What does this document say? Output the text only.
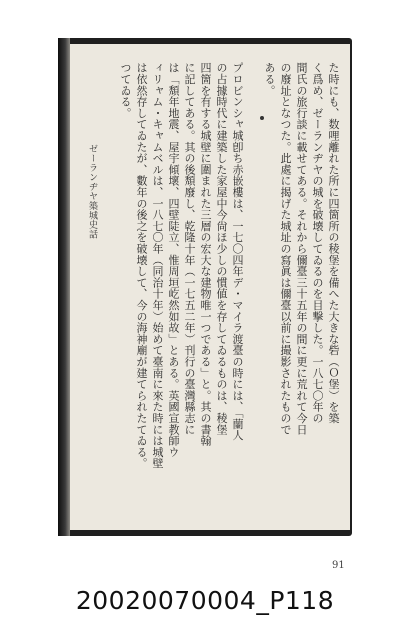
ゼーランヂヤ築城史話	た時にも、数哩離れた所に四箇所の稜堡を備へた大きな砦（Ｏ堡）を築
く爲め、ゼーランヂヤの城を破壊してゐるのを目撃した。一八七〇年の
間氏の旅行談に載せてある。それから儞臺三十五年の間に更に荒れて今日
の廢址となつた。此處に揭げた城址の寫眞は儞臺以前に撮影されたもので
ある。
プロビンシャ城卽ち赤嵌樓は、一七〇四年デ・マイラ渡臺の時には、「蘭人
の占據時代に建築した家屋中今尙ほ少しの慣値を存してゐるものは、稜堡
四箇を有する城壁に圍まれた三層の宏大な建物唯一つである」と。其の書翰
に記してある。其の後頽廢し、乾隆十年（一七五二年）刊行の臺灣縣志に
は「頽年地震、屋宇傾壞、四壁陡立、惟周垣屹然如故」とある。英國宣教師ウ
ィリャム・キャムベルは、一八七〇年（同治十年）始めて臺南に來た時には城壁
は依然存してゐたが、數年の後之を破壊して、今の海神廟が建てられたてゐる。
つてゐる。
91
20020070004_P118
